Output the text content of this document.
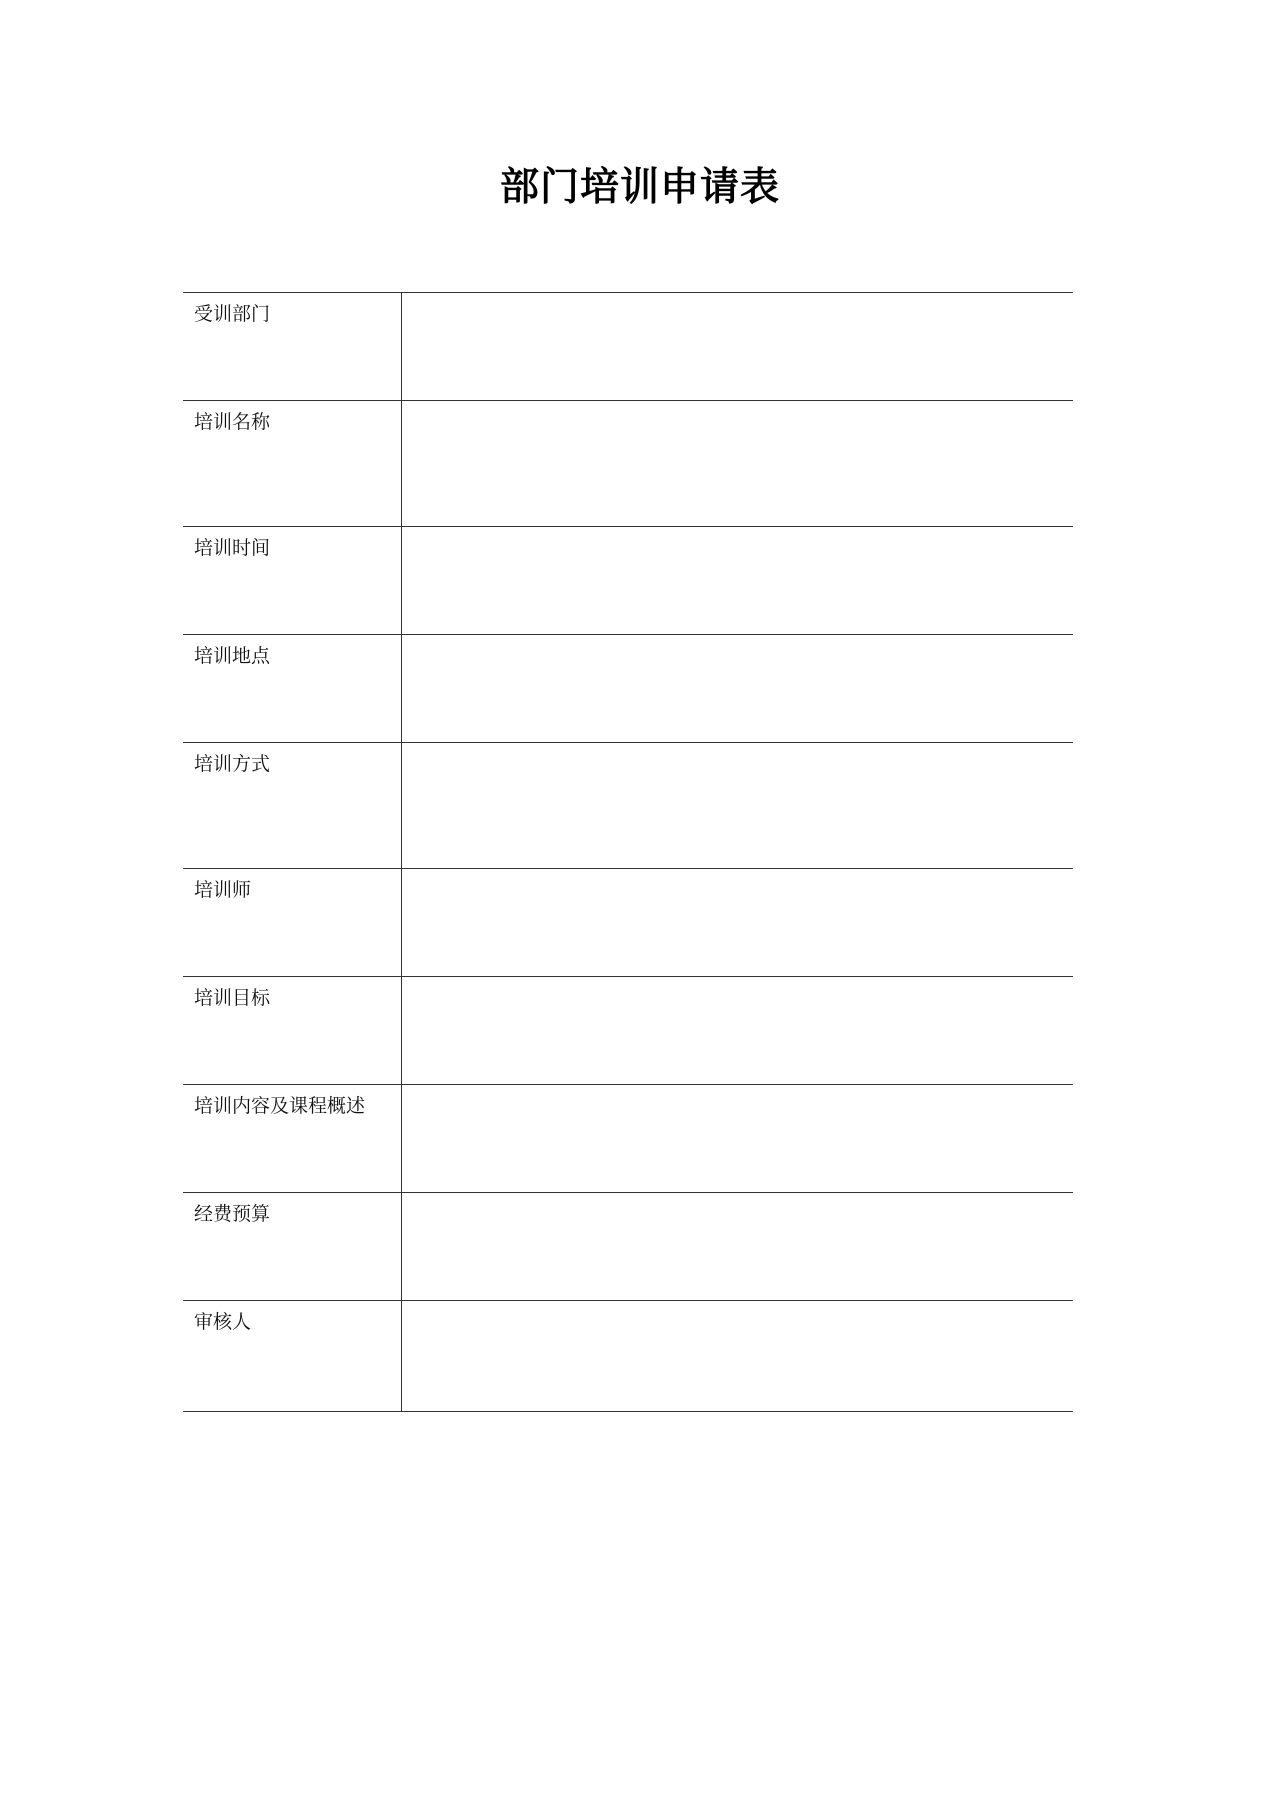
部门培训申请表
受训部门	
培训名称	
培训时间	
培训地点	
培训方式	
培训师	
培训目标	
培训内容及课程概述	
经费预算	
审核人	
